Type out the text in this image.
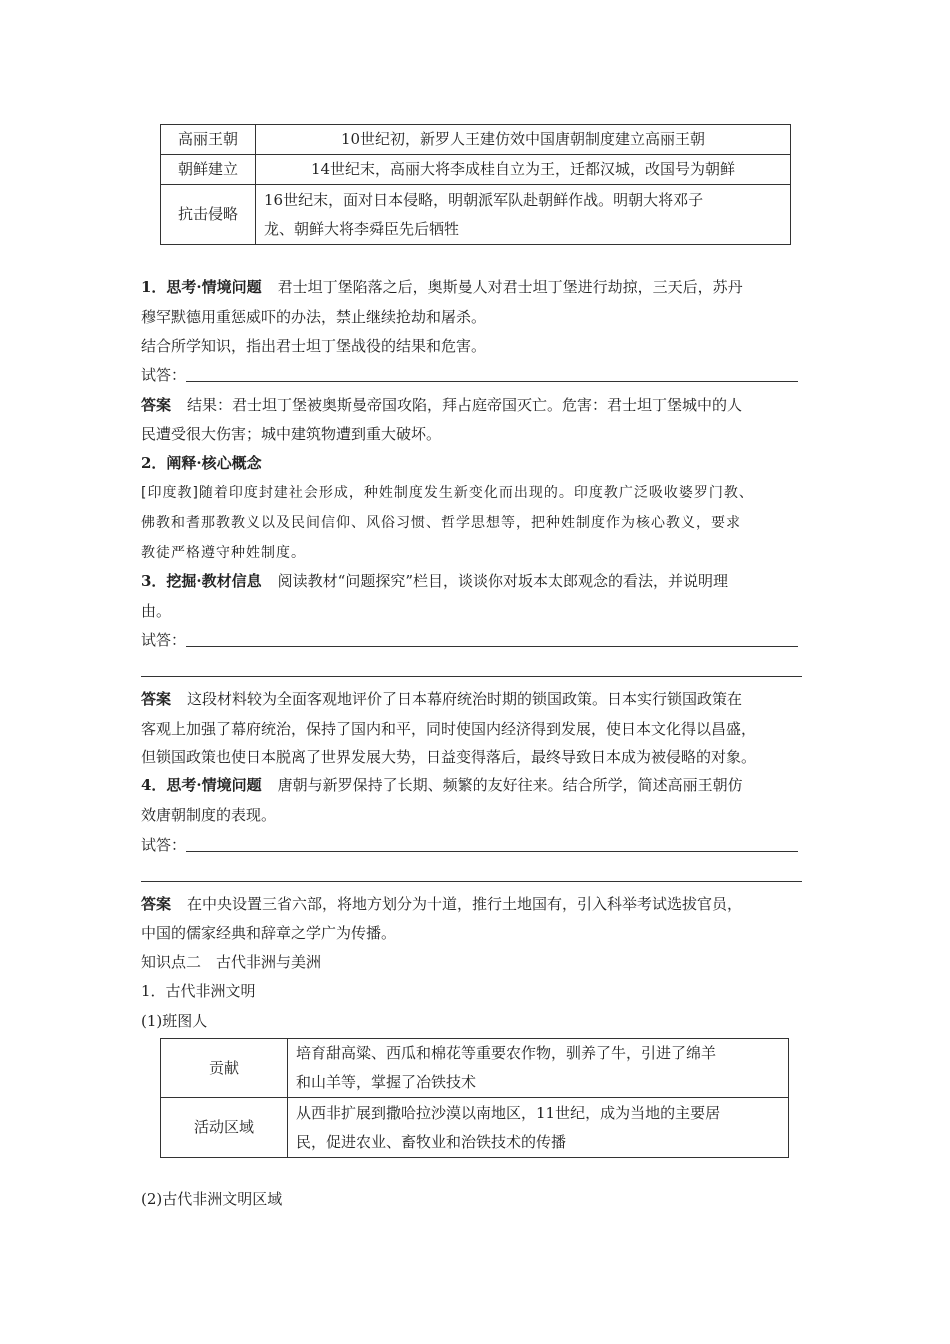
高丽王朝	10世纪初，新罗人王建仿效中国唐朝制度建立高丽王朝
朝鲜建立	14世纪末，高丽大将李成桂自立为王，迁都汉城，改国号为朝鲜
抗击侵略	16世纪末，面对日本侵略，明朝派军队赴朝鲜作战。明朝大将邓子
龙、朝鲜大将李舜臣先后牺牲
1．思考·情境问题 君士坦丁堡陷落之后，奥斯曼人对君士坦丁堡进行劫掠，三天后，苏丹
穆罕默德用重惩威吓的办法，禁止继续抢劫和屠杀。
结合所学知识，指出君士坦丁堡战役的结果和危害。
试答：
答案 结果：君士坦丁堡被奥斯曼帝国攻陷，拜占庭帝国灭亡。危害：君士坦丁堡城中的人
民遭受很大伤害；城中建筑物遭到重大破坏。
2．阐释·核心概念
[印度教]随着印度封建社会形成，种姓制度发生新变化而出现的。印度教广泛吸收婆罗门教、
佛教和耆那教教义以及民间信仰、风俗习惯、哲学思想等，把种姓制度作为核心教义，要求
教徒严格遵守种姓制度。
3．挖掘·教材信息 阅读教材“问题探究”栏目，谈谈你对坂本太郎观念的看法，并说明理
由。
试答：
答案 这段材料较为全面客观地评价了日本幕府统治时期的锁国政策。日本实行锁国政策在
客观上加强了幕府统治，保持了国内和平，同时使国内经济得到发展，使日本文化得以昌盛，
但锁国政策也使日本脱离了世界发展大势，日益变得落后，最终导致日本成为被侵略的对象。
4．思考·情境问题 唐朝与新罗保持了长期、频繁的友好往来。结合所学，简述高丽王朝仿
效唐朝制度的表现。
试答：
答案 在中央设置三省六部，将地方划分为十道，推行土地国有，引入科举考试选拔官员，
中国的儒家经典和辞章之学广为传播。
知识点二　古代非洲与美洲
1．古代非洲文明
(1)班图人
贡献	培育甜高粱、西瓜和棉花等重要农作物，驯养了牛，引进了绵羊
和山羊等，掌握了冶铁技术

活动区域	从西非扩展到撒哈拉沙漠以南地区，11世纪，成为当地的主要居
民，促进农业、畜牧业和治铁技术的传播
(2)古代非洲文明区域
